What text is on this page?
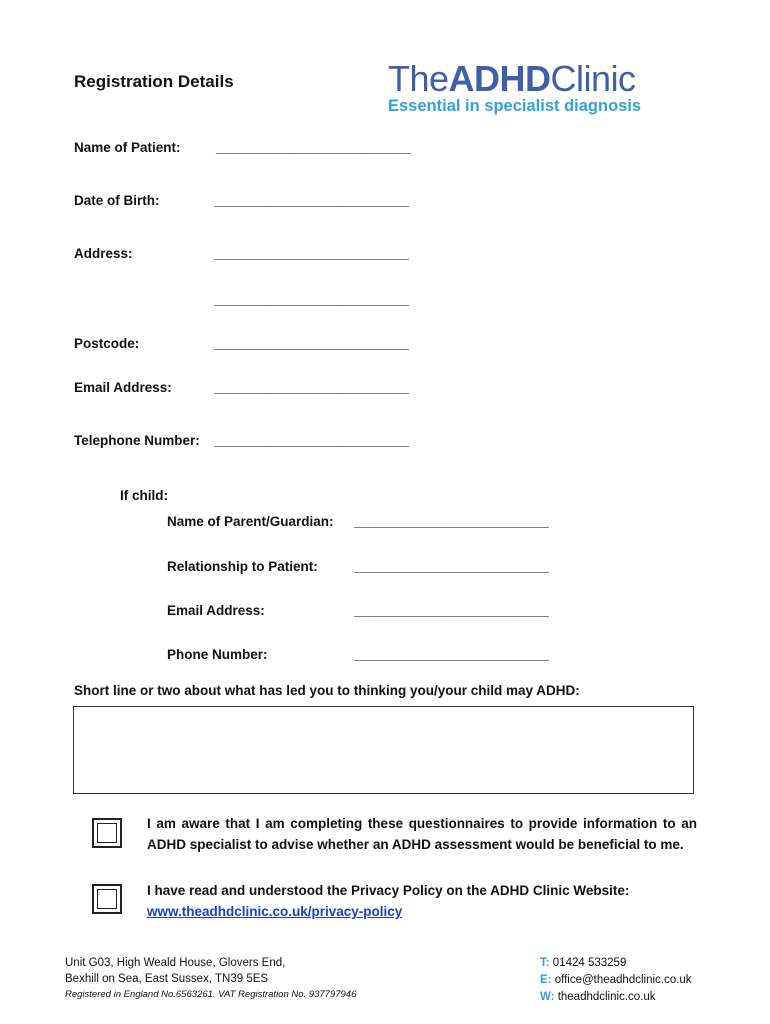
Registration Details	TheADHDClinic
Essential in specialist diagnosis
Name of Patient:	___________________________
Date of Birth:	___________________________
Address:	___________________________
___________________________
Postcode:	___________________________
Email Address:	___________________________
Telephone Number: ___________________________
If child:
Name of Parent/Guardian: ___________________________
Relationship to Patient:	___________________________
Email Address:	___________________________
Phone Number:	___________________________
Short line or two about what has led you to thinking you/your child may ADHD:
I am aware that I am completing these questionnaires to provide information to an ADHD specialist to advise whether an ADHD assessment would be beneficial to me.
I have read and understood the Privacy Policy on the ADHD Clinic Website:
www.theadhdclinic.co.uk/privacy-policy
Unit G03, High Weald House, Glovers End,
Bexhill on Sea, East Sussex, TN39 5ES
Registered in England No.6563261. VAT Registration No. 937797946
T: 01424 533259
E: office@theadhdclinic.co.uk
W: theadhdclinic.co.uk
